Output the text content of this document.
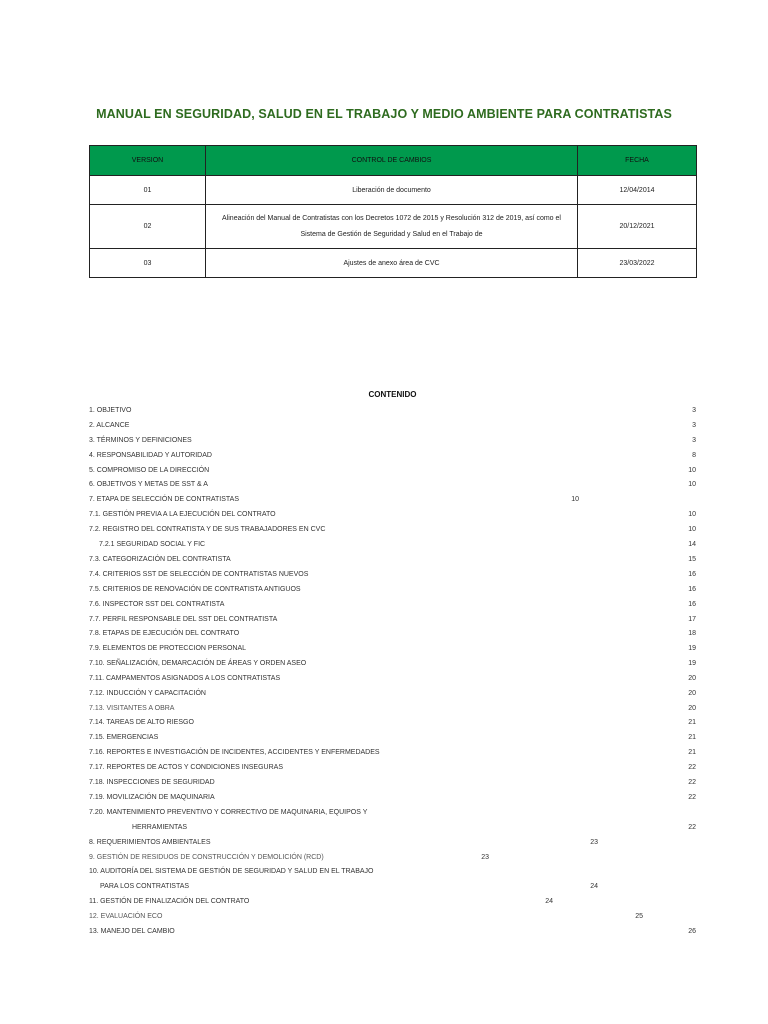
MANUAL EN SEGURIDAD, SALUD EN EL TRABAJO Y MEDIO AMBIENTE PARA CONTRATISTAS
VERSION	CONTROL DE CAMBIOS	FECHA
01	Liberación de documento	12/04/2014
02	Alineación del Manual de Contratistas con los Decretos 1072 de 2015 y Resolución 312 de 2019, así como el
Sistema de Gestión de Seguridad y Salud en el Trabajo de	20/12/2021
03	Ajustes de anexo área de CVC	23/03/2022
CONTENIDO
1. OBJETIVO	3
2. ALCANCE	3
3. TÉRMINOS Y DEFINICIONES	3
4. RESPONSABILIDAD Y AUTORIDAD	8
5. COMPROMISO DE LA DIRECCIÓN	10
6. OBJETIVOS Y METAS DE SST & A	10
7. ETAPA DE SELECCIÓN DE CONTRATISTAS	10
7.1. GESTIÓN PREVIA A LA EJECUCIÓN DEL CONTRATO	10
7.2. REGISTRO DEL CONTRATISTA Y DE SUS TRABAJADORES EN CVC	10
7.2.1 SEGURIDAD SOCIAL Y FIC	14
7.3. CATEGORIZACIÓN DEL CONTRATISTA	15
7.4. CRITERIOS SST DE SELECCIÓN DE CONTRATISTAS NUEVOS	16
7.5. CRITERIOS DE RENOVACIÓN DE CONTRATISTA ANTIGUOS	16
7.6. INSPECTOR SST DEL CONTRATISTA	16
7.7. PERFIL RESPONSABLE DEL SST DEL CONTRATISTA	17
7.8. ETAPAS DE EJECUCIÓN DEL CONTRATO	18
7.9. ELEMENTOS DE PROTECCION PERSONAL	19
7.10. SEÑALIZACIÓN, DEMARCACIÓN DE ÁREAS Y ORDEN ASEO	19
7.11. CAMPAMENTOS ASIGNADOS A LOS CONTRATISTAS	20
7.12. INDUCCIÓN Y CAPACITACIÓN	20
7.13. VISITANTES A OBRA	20
7.14. TAREAS DE ALTO RIESGO	21
7.15. EMERGENCIAS	21
7.16. REPORTES E INVESTIGACIÓN DE INCIDENTES, ACCIDENTES Y ENFERMEDADES	21
7.17. REPORTES DE ACTOS Y CONDICIONES INSEGURAS	22
7.18. INSPECCIONES DE SEGURIDAD	22
7.19. MOVILIZACIÓN DE MAQUINARIA	22
7.20. MANTENIMIENTO PREVENTIVO Y CORRECTIVO DE MAQUINARIA, EQUIPOS Y
HERRAMIENTAS	22
8. REQUERIMIENTOS AMBIENTALES	23
9. GESTIÓN DE RESIDUOS DE CONSTRUCCIÓN Y DEMOLICIÓN (RCD)	23
10. AUDITORÍA DEL SISTEMA DE GESTIÓN DE SEGURIDAD Y SALUD EN EL TRABAJO
PARA LOS CONTRATISTAS	24
11. GESTIÓN DE FINALIZACIÓN DEL CONTRATO	24
12. EVALUACIÓN ECO	25
13. MANEJO DEL CAMBIO	26
